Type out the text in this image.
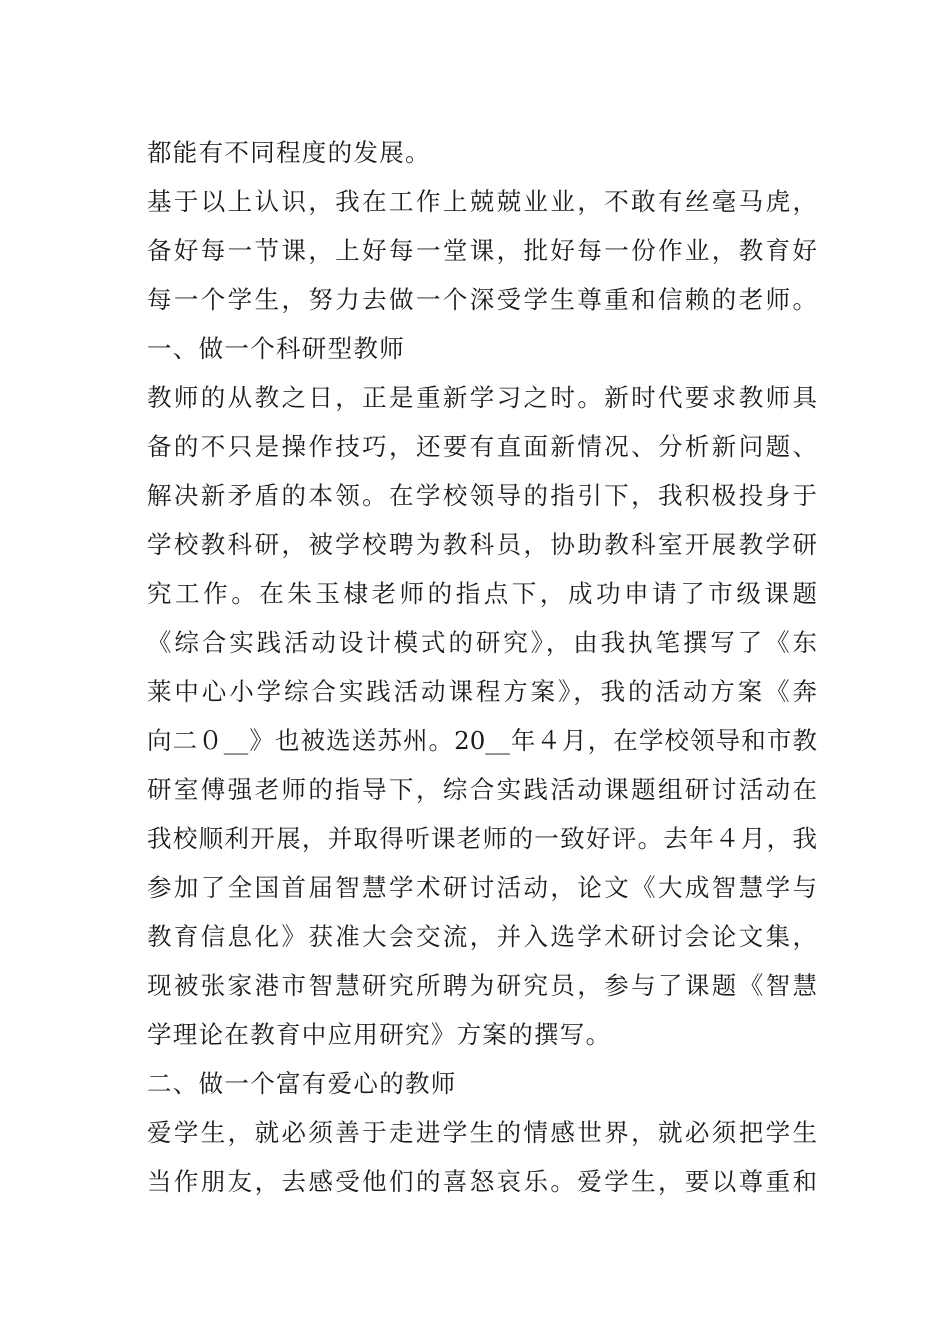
都能有不同程度的发展。
基于以上认识，我在工作上兢兢业业，不敢有丝毫马虎，
备好每一节课，上好每一堂课，批好每一份作业，教育好
每一个学生，努力去做一个深受学生尊重和信赖的老师。
一、做一个科研型教师
教师的从教之日，正是重新学习之时。新时代要求教师具
备的不只是操作技巧，还要有直面新情况、分析新问题、
解决新矛盾的本领。在学校领导的指引下，我积极投身于
学校教科研，被学校聘为教科员，协助教科室开展教学研
究工作。在朱玉棣老师的指点下，成功申请了市级课题
《综合实践活动设计模式的研究》，由我执笔撰写了《东
莱中心小学综合实践活动课程方案》，我的活动方案《奔
向二０__》也被选送苏州。20__年４月，在学校领导和市教
研室傅强老师的指导下，综合实践活动课题组研讨活动在
我校顺利开展，并取得听课老师的一致好评。去年４月，我
参加了全国首届智慧学术研讨活动，论文《大成智慧学与
教育信息化》获准大会交流，并入选学术研讨会论文集，
现被张家港市智慧研究所聘为研究员，参与了课题《智慧
学理论在教育中应用研究》方案的撰写。
二、做一个富有爱心的教师
爱学生，就必须善于走进学生的情感世界，就必须把学生
当作朋友，去感受他们的喜怒哀乐。爱学生，要以尊重和
